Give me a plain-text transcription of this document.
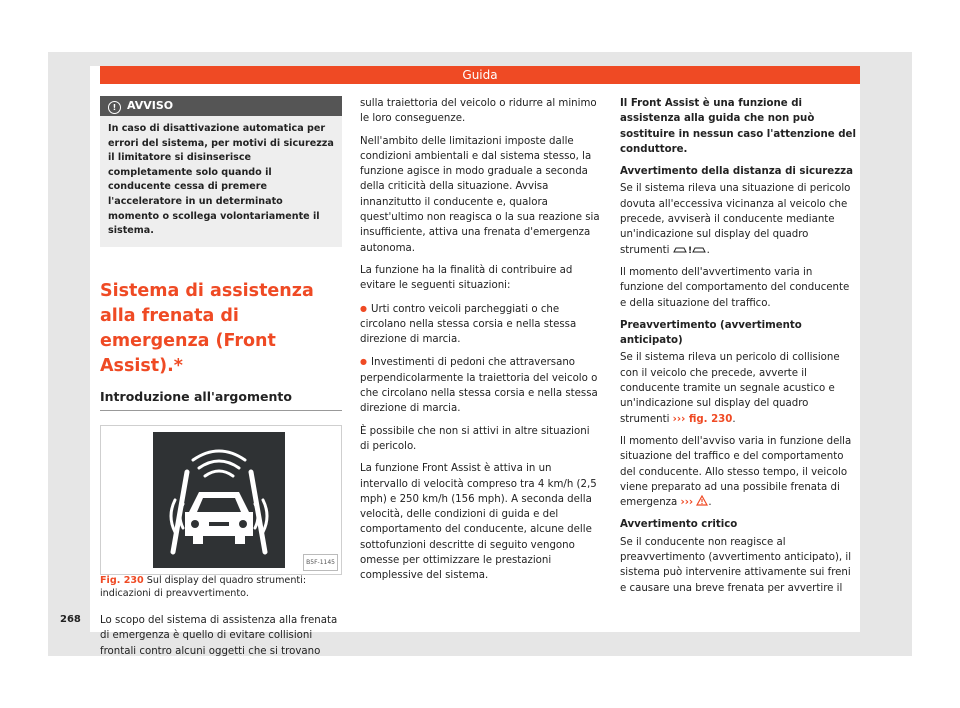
Guida
268
! AVVISO
In caso di disattivazione automatica per errori del sistema, per motivi di sicurezza il limitatore si disinserisce completamente solo quando il conducente cessa di premere l'acceleratore in un determinato momento o scollega volontariamente il sistema.
Sistema di assistenza alla frenata di emergenza (Front Assist).*
Introduzione all'argomento
B5F-1145

Fig. 230 Sul display del quadro strumenti: indicazioni di preavvertimento.

Lo scopo del sistema di assistenza alla frenata di emergenza è quello di evitare collisioni frontali contro alcuni oggetti che si trovano

sulla traiettoria del veicolo o ridurre al minimo le loro conseguenze.

Nell'ambito delle limitazioni imposte dalle condizioni ambientali e dal sistema stesso, la funzione agisce in modo graduale a seconda della criticità della situazione. Avvisa innanzitutto il conducente e, qualora quest'ultimo non reagisca o la sua reazione sia insufficiente, attiva una frenata d'emergenza autonoma.

La funzione ha la finalità di contribuire ad evitare le seguenti situazioni:

● Urti contro veicoli parcheggiati o che circolano nella stessa corsia e nella stessa direzione di marcia.

● Investimenti di pedoni che attraversano perpendicolarmente la traiettoria del veicolo o che circolano nella stessa corsia e nella stessa direzione di marcia.

È possibile che non si attivi in altre situazioni di pericolo.

La funzione Front Assist è attiva in un intervallo di velocità compreso tra 4 km/h (2,5 mph) e 250 km/h (156 mph). A seconda della velocità, delle condizioni di guida e del comportamento del conducente, alcune delle sottofunzioni descritte di seguito vengono omesse per ottimizzare le prestazioni complessive del sistema.

Il Front Assist è una funzione di assistenza alla guida che non può sostituire in nessun caso l'attenzione del conduttore.

Avvertimento della distanza di sicurezza

Se il sistema rileva una situazione di pericolo dovuta all'eccessiva vicinanza al veicolo che precede, avviserà il conducente mediante un'indicazione sul display del quadro strumenti ! .

Il momento dell'avvertimento varia in funzione del comportamento del conducente e della situazione del traffico.

Preavvertimento (avvertimento anticipato)

Se il sistema rileva un pericolo di collisione con il veicolo che precede, avverte il conducente tramite un segnale acustico e un'indicazione sul display del quadro strumenti ››› fig. 230.

Il momento dell'avviso varia in funzione della situazione del traffico e del comportamento del conducente. Allo stesso tempo, il veicolo viene preparato ad una possibile frenata di emergenza ››› .

Avvertimento critico

Se il conducente non reagisce al preavvertimento (avvertimento anticipato), il sistema può intervenire attivamente sui freni e causare una breve frenata per avvertire il
